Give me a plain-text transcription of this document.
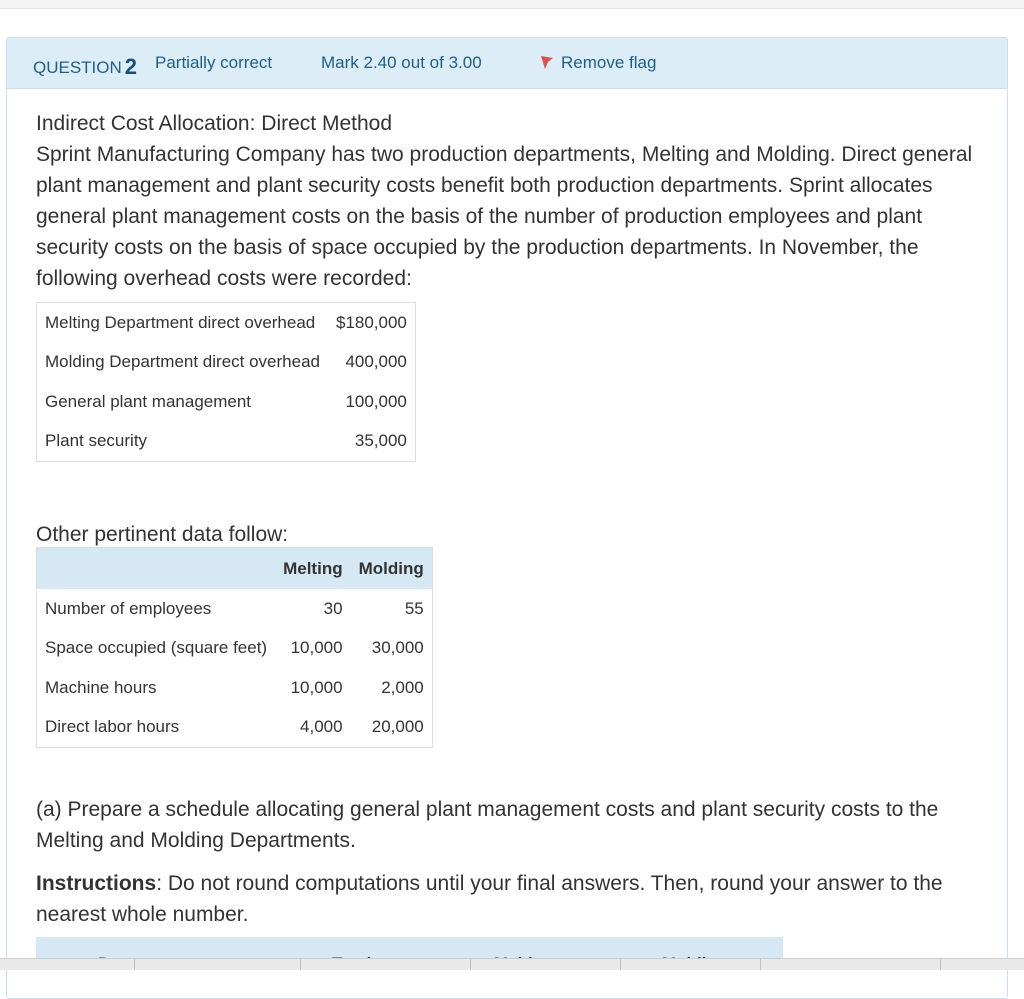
QUESTION 2 Partially correct	Mark 2.40 out of 3.00	Remove flag
Indirect Cost Allocation: Direct Method
Sprint Manufacturing Company has two production departments, Melting and Molding. Direct general plant management and plant security costs benefit both production departments. Sprint allocates general plant management costs on the basis of the number of production employees and plant security costs on the basis of space occupied by the production departments. In November, the following overhead costs were recorded:
Melting Department direct overhead	$180,000
Molding Department direct overhead	400,000
General plant management	100,000
Plant security	35,000
Other pertinent data follow:
	Melting	Molding
Number of employees	30	55
Space occupied (square feet)	10,000	30,000
Machine hours	10,000	2,000
Direct labor hours	4,000	20,000
(a) Prepare a schedule allocating general plant management costs and plant security costs to the Melting and Molding Departments.
Instructions: Do not round computations until your final answers. Then, round your answer to the nearest whole number.
